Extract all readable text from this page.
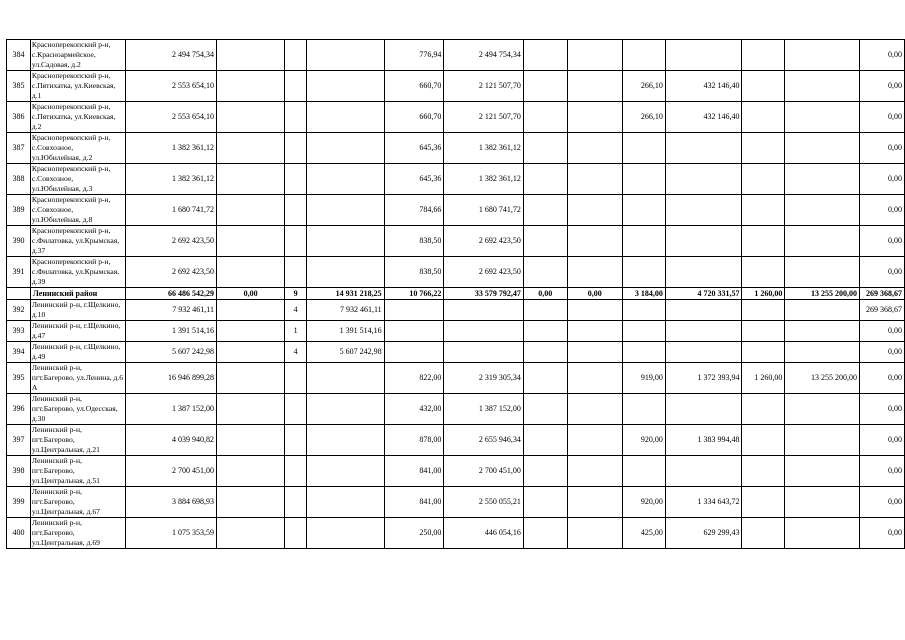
384	Красноперекопский р-н, с.Красноармейское, ул.Садовая, д.2	2 494 754,34				776,94	2 494 754,34							0,00
385	Красноперекопский р-н, с.Пятихатка, ул.Киевская, д.1	2 553 654,10				660,70	2 121 507,70			266,10	432 146,40			0,00
386	Красноперекопский р-н, с.Пятихатка, ул.Киевская, д.2	2 553 654,10				660,70	2 121 507,70			266,10	432 146,40			0,00
387	Красноперекопский р-н, с.Совхозное, ул.Юбилейная, д.2	1 382 361,12				645,36	1 382 361,12							0,00
388	Красноперекопский р-н, с.Совхозное, ул.Юбилейная, д.3	1 382 361,12				645,36	1 382 361,12							0,00
389	Красноперекопский р-н, с.Совхозное, ул.Юбилейная, д.8	1 680 741,72				784,66	1 680 741,72							0,00
390	Красноперекопский р-н, с.Филатовка, ул.Крымская, д.37	2 692 423,50				838,50	2 692 423,50							0,00
391	Красноперекопский р-н, с.Филатовка, ул.Крымская, д.39	2 692 423,50				838,50	2 692 423,50							0,00
	Ленинский район	66 486 542,29	0,00	9	14 931 218,25	10 766,22	33 579 792,47	0,00	0,00	3 184,00	4 720 331,57	1 260,00	13 255 200,00	269 368,67
392	Ленинский р-н, г.Щелкино, д.10	7 932 461,11		4	7 932 461,11									269 368,67
393	Ленинский р-н, г.Щелкино, д.47	1 391 514,16		1	1 391 514,16									0,00
394	Ленинский р-н, г.Щелкино, д.49	5 607 242,98		4	5 607 242,98									0,00
395	Ленинский р-н, пгт.Багерово, ул.Ленина, д.6 А	16 946 899,28				822,00	2 319 305,34			919,00	1 372 393,94	1 260,00	13 255 200,00	0,00
396	Ленинский р-н, пгт.Багерово, ул.Одесская, д.30	1 387 152,00				432,00	1 387 152,00							0,00
397	Ленинский р-н, пгт.Багерово, ул.Центральная, д.21	4 039 940,82				878,00	2 655 946,34			920,00	1 383 994,48			0,00
398	Ленинский р-н, пгт.Багерово, ул.Центральная, д.51	2 700 451,00				841,00	2 700 451,00							0,00
399	Ленинский р-н, пгт.Багерово, ул.Центральная, д.67	3 884 698,93				841,00	2 550 055,21			920,00	1 334 643,72			0,00
400	Ленинский р-н, пгт.Багерово, ул.Центральная, д.69	1 075 353,59				250,00	446 054,16			425,00	629 299,43			0,00
